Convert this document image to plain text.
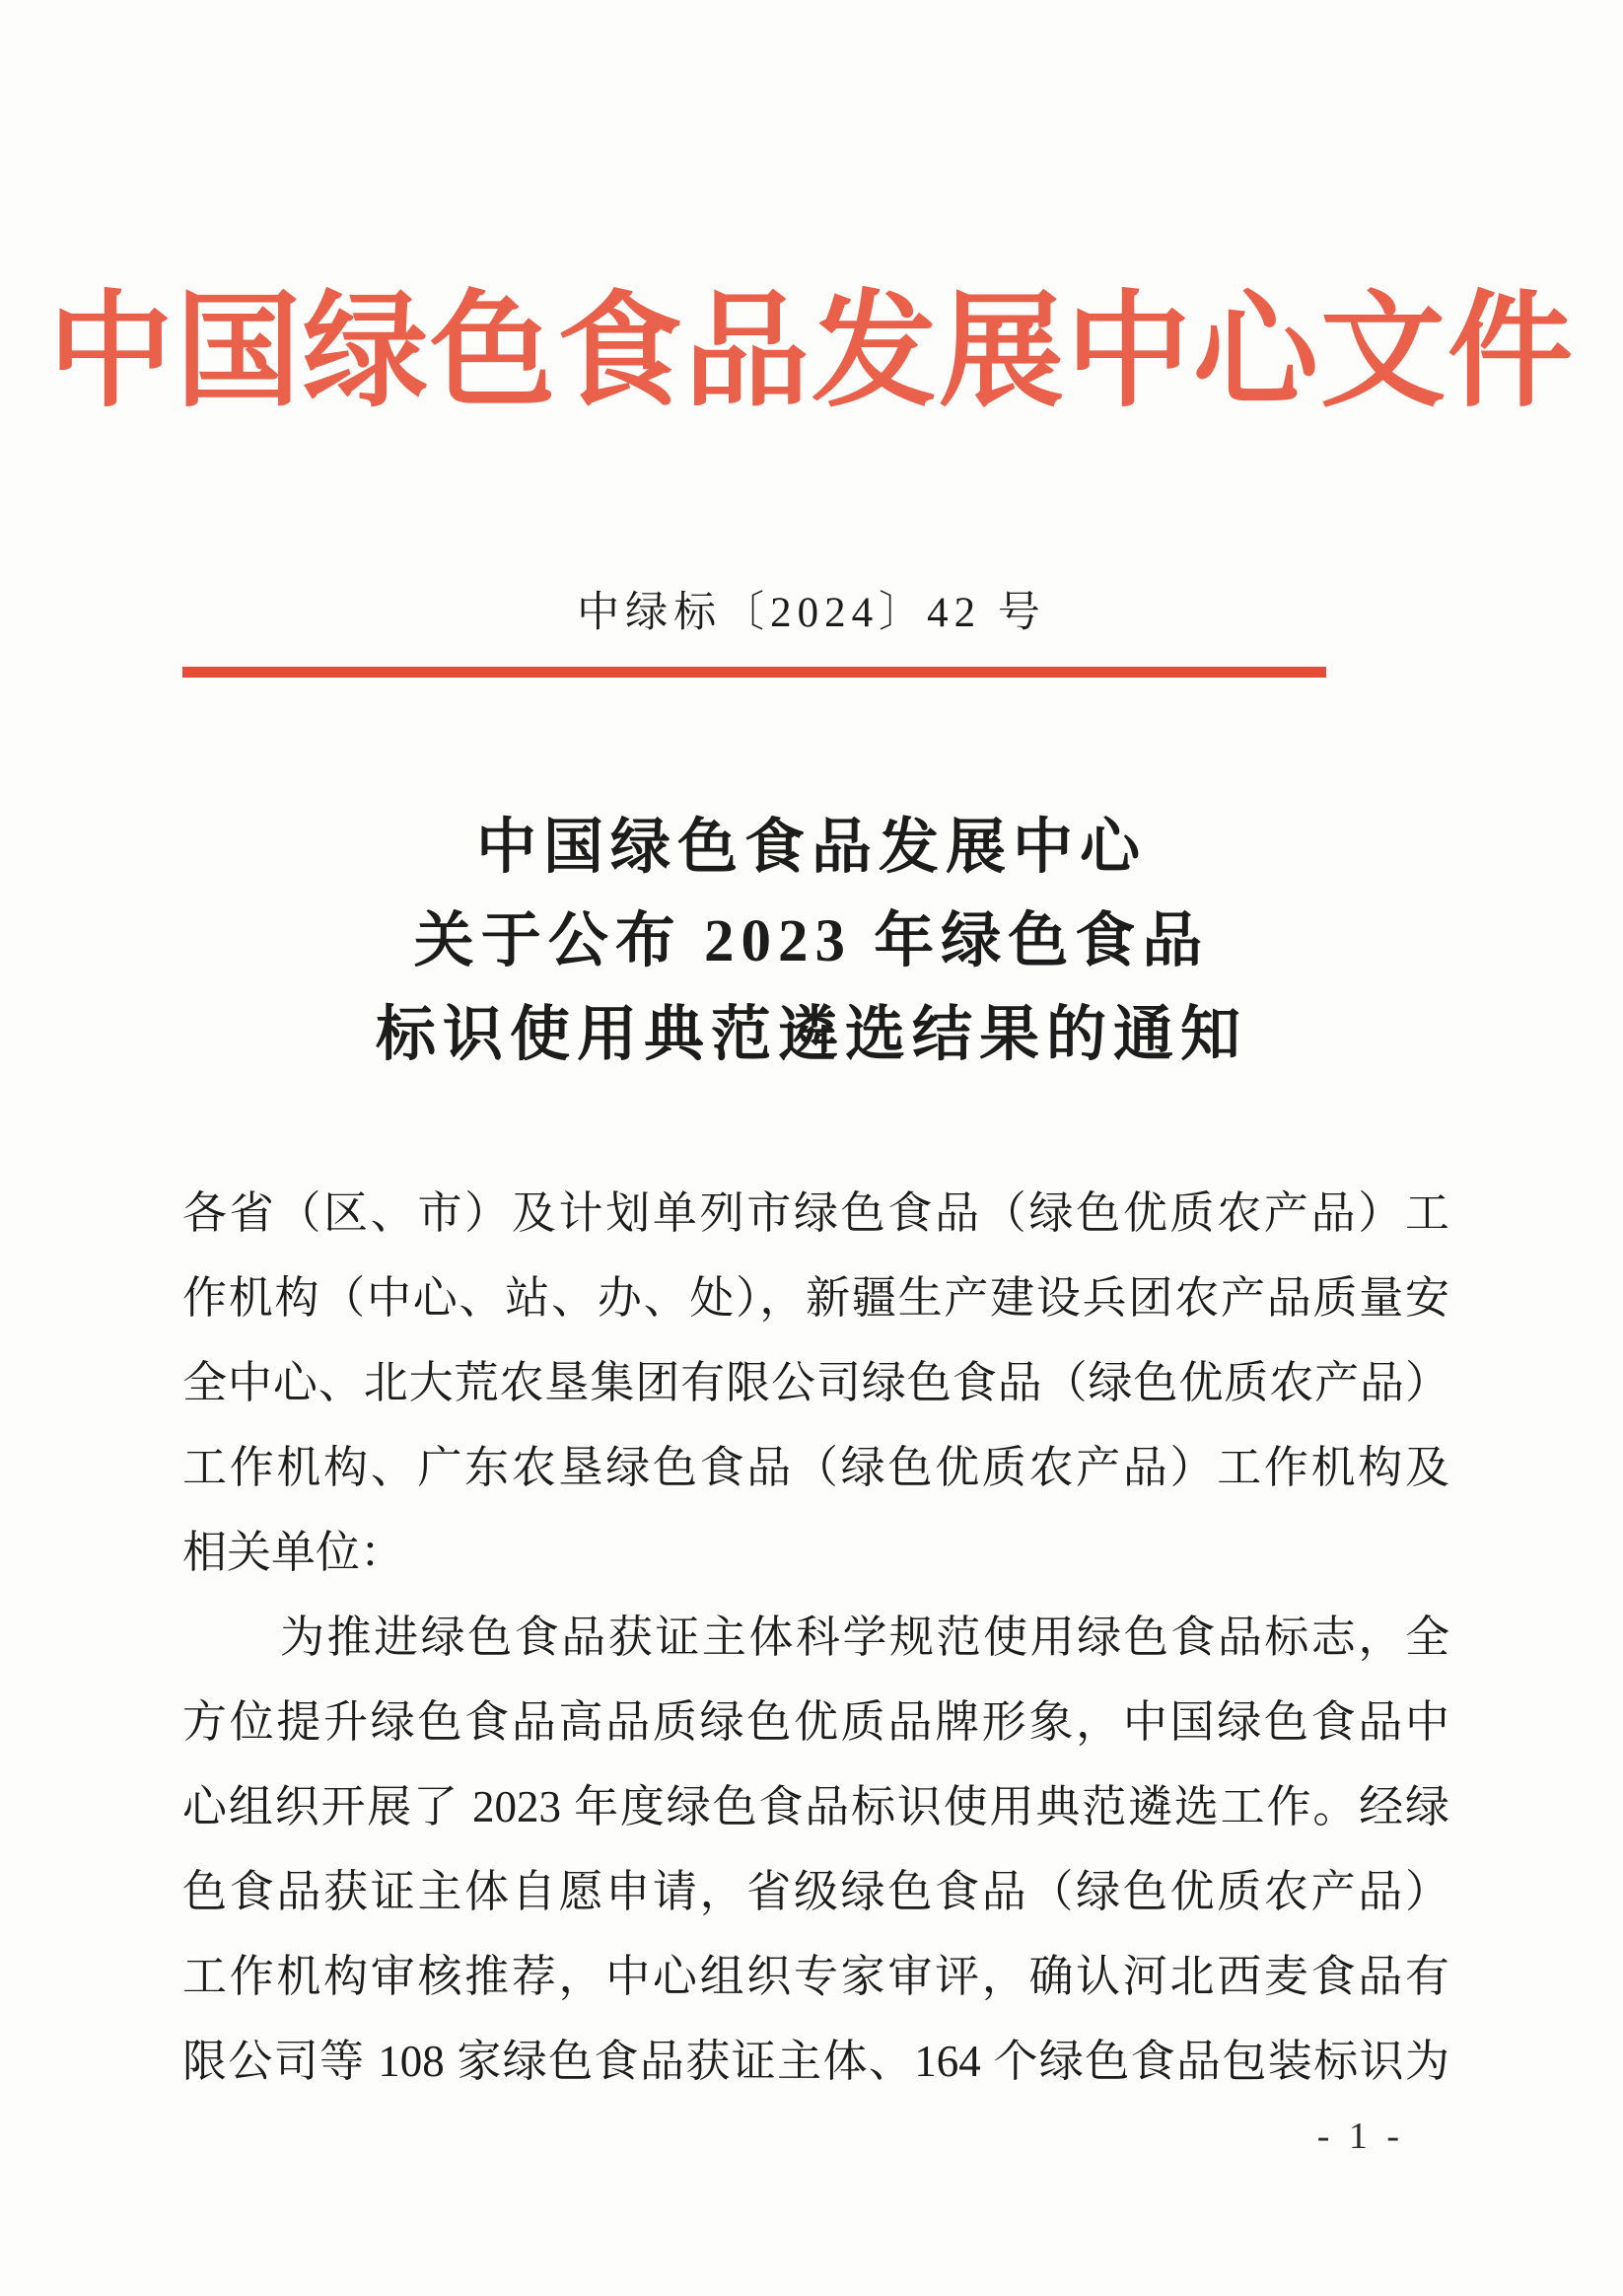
中国绿色食品发展中心文件
中绿标〔2024〕42 号
中国绿色食品发展中心
关于公布 2023 年绿色食品
标识使用典范遴选结果的通知
各省（区、市）及计划单列市绿色食品（绿色优质农产品）工
作机构（中心、站、办、处），新疆生产建设兵团农产品质量安
全中心、北大荒农垦集团有限公司绿色食品（绿色优质农产品）
工作机构、广东农垦绿色食品（绿色优质农产品）工作机构及
相关单位：
为推进绿色食品获证主体科学规范使用绿色食品标志，全
方位提升绿色食品高品质绿色优质品牌形象，中国绿色食品中
心组织开展了 2023 年度绿色食品标识使用典范遴选工作。经绿
色食品获证主体自愿申请，省级绿色食品（绿色优质农产品）
工作机构审核推荐，中心组织专家审评，确认河北西麦食品有
限公司等 108 家绿色食品获证主体、164 个绿色食品包装标识为
- 1 -
